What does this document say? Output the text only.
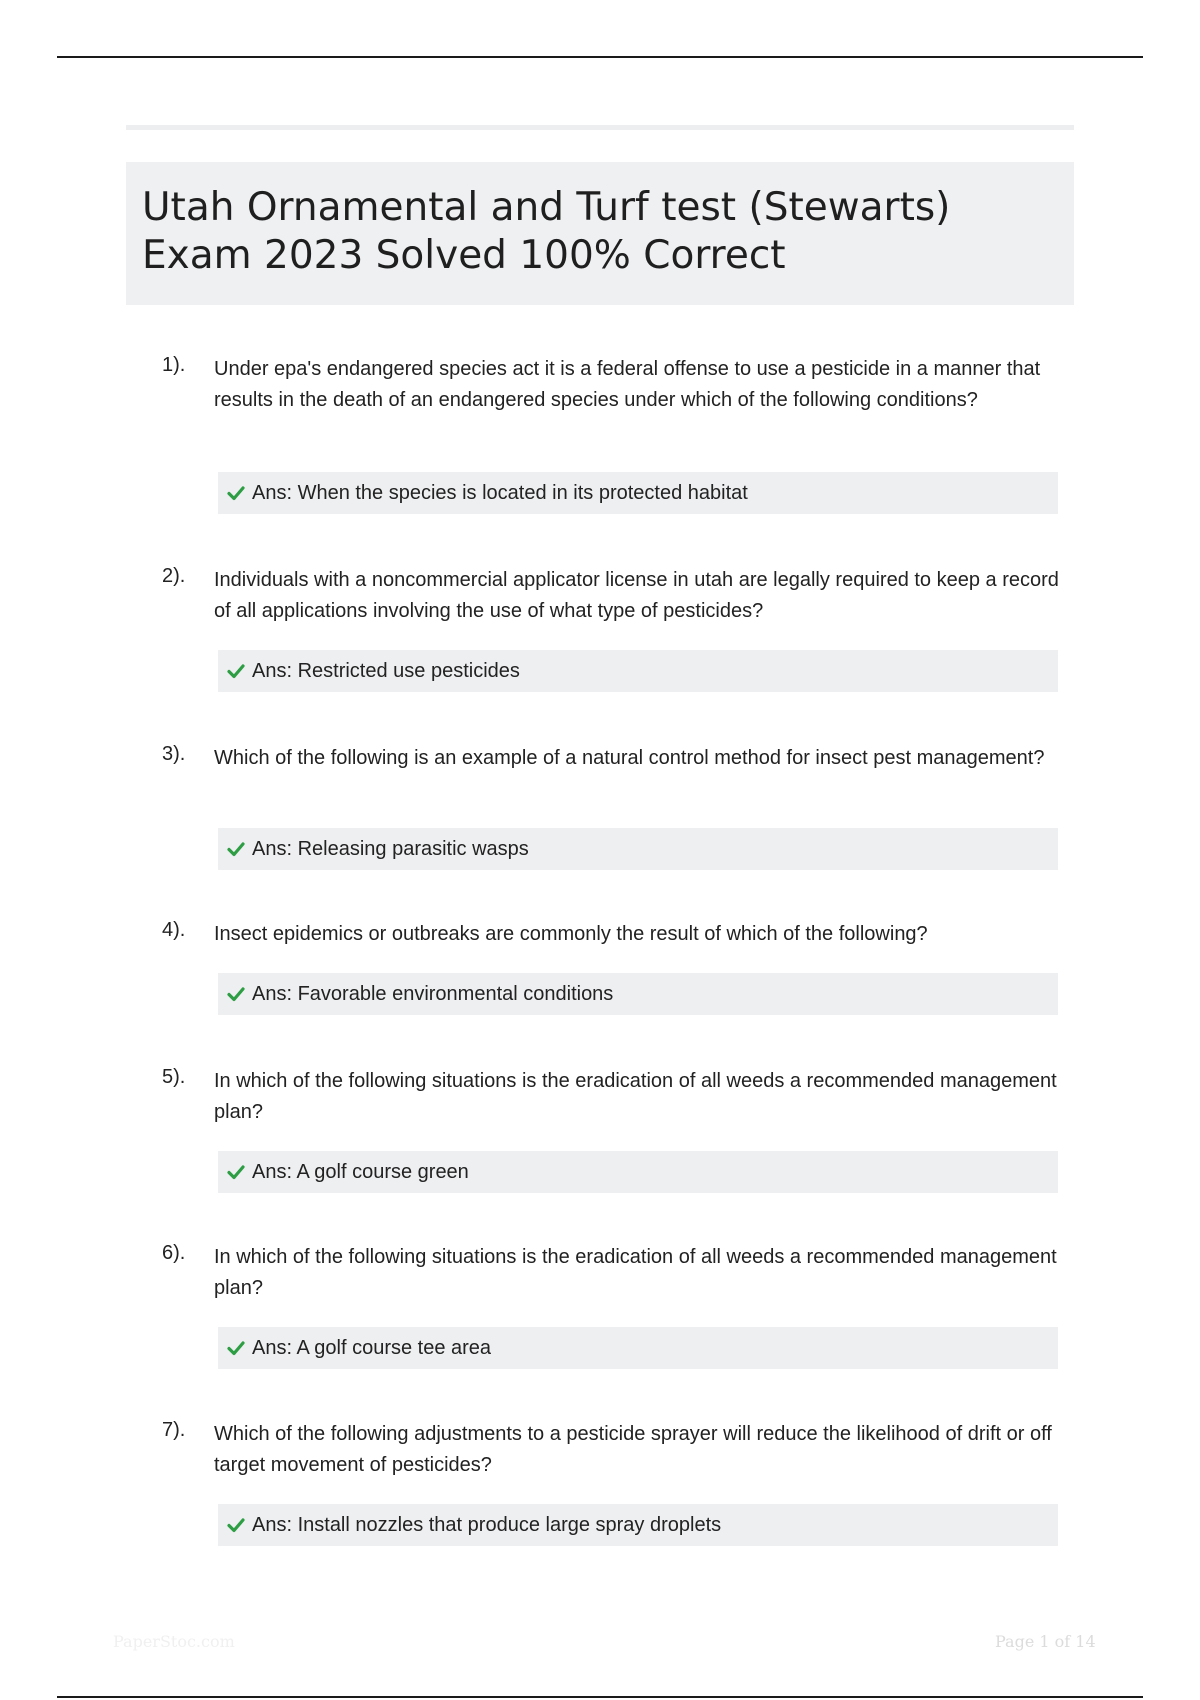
Utah Ornamental and Turf test (Stewarts) Exam 2023 Solved 100% Correct
1). Under epa's endangered species act it is a federal offense to use a pesticide in a manner that results in the death of an endangered species under which of the following conditions?
Ans: When the species is located in its protected habitat
2). Individuals with a noncommercial applicator license in utah are legally required to keep a record of all applications involving the use of what type of pesticides?
Ans: Restricted use pesticides
3). Which of the following is an example of a natural control method for insect pest management?
Ans: Releasing parasitic wasps
4). Insect epidemics or outbreaks are commonly the result of which of the following?
Ans: Favorable environmental conditions
5). In which of the following situations is the eradication of all weeds a recommended management plan?
Ans: A golf course green
6). In which of the following situations is the eradication of all weeds a recommended management plan?
Ans: A golf course tee area
7). Which of the following adjustments to a pesticide sprayer will reduce the likelihood of drift or off target movement of pesticides?
Ans: Install nozzles that produce large spray droplets
PaperStoc.com	Page 1 of 14
